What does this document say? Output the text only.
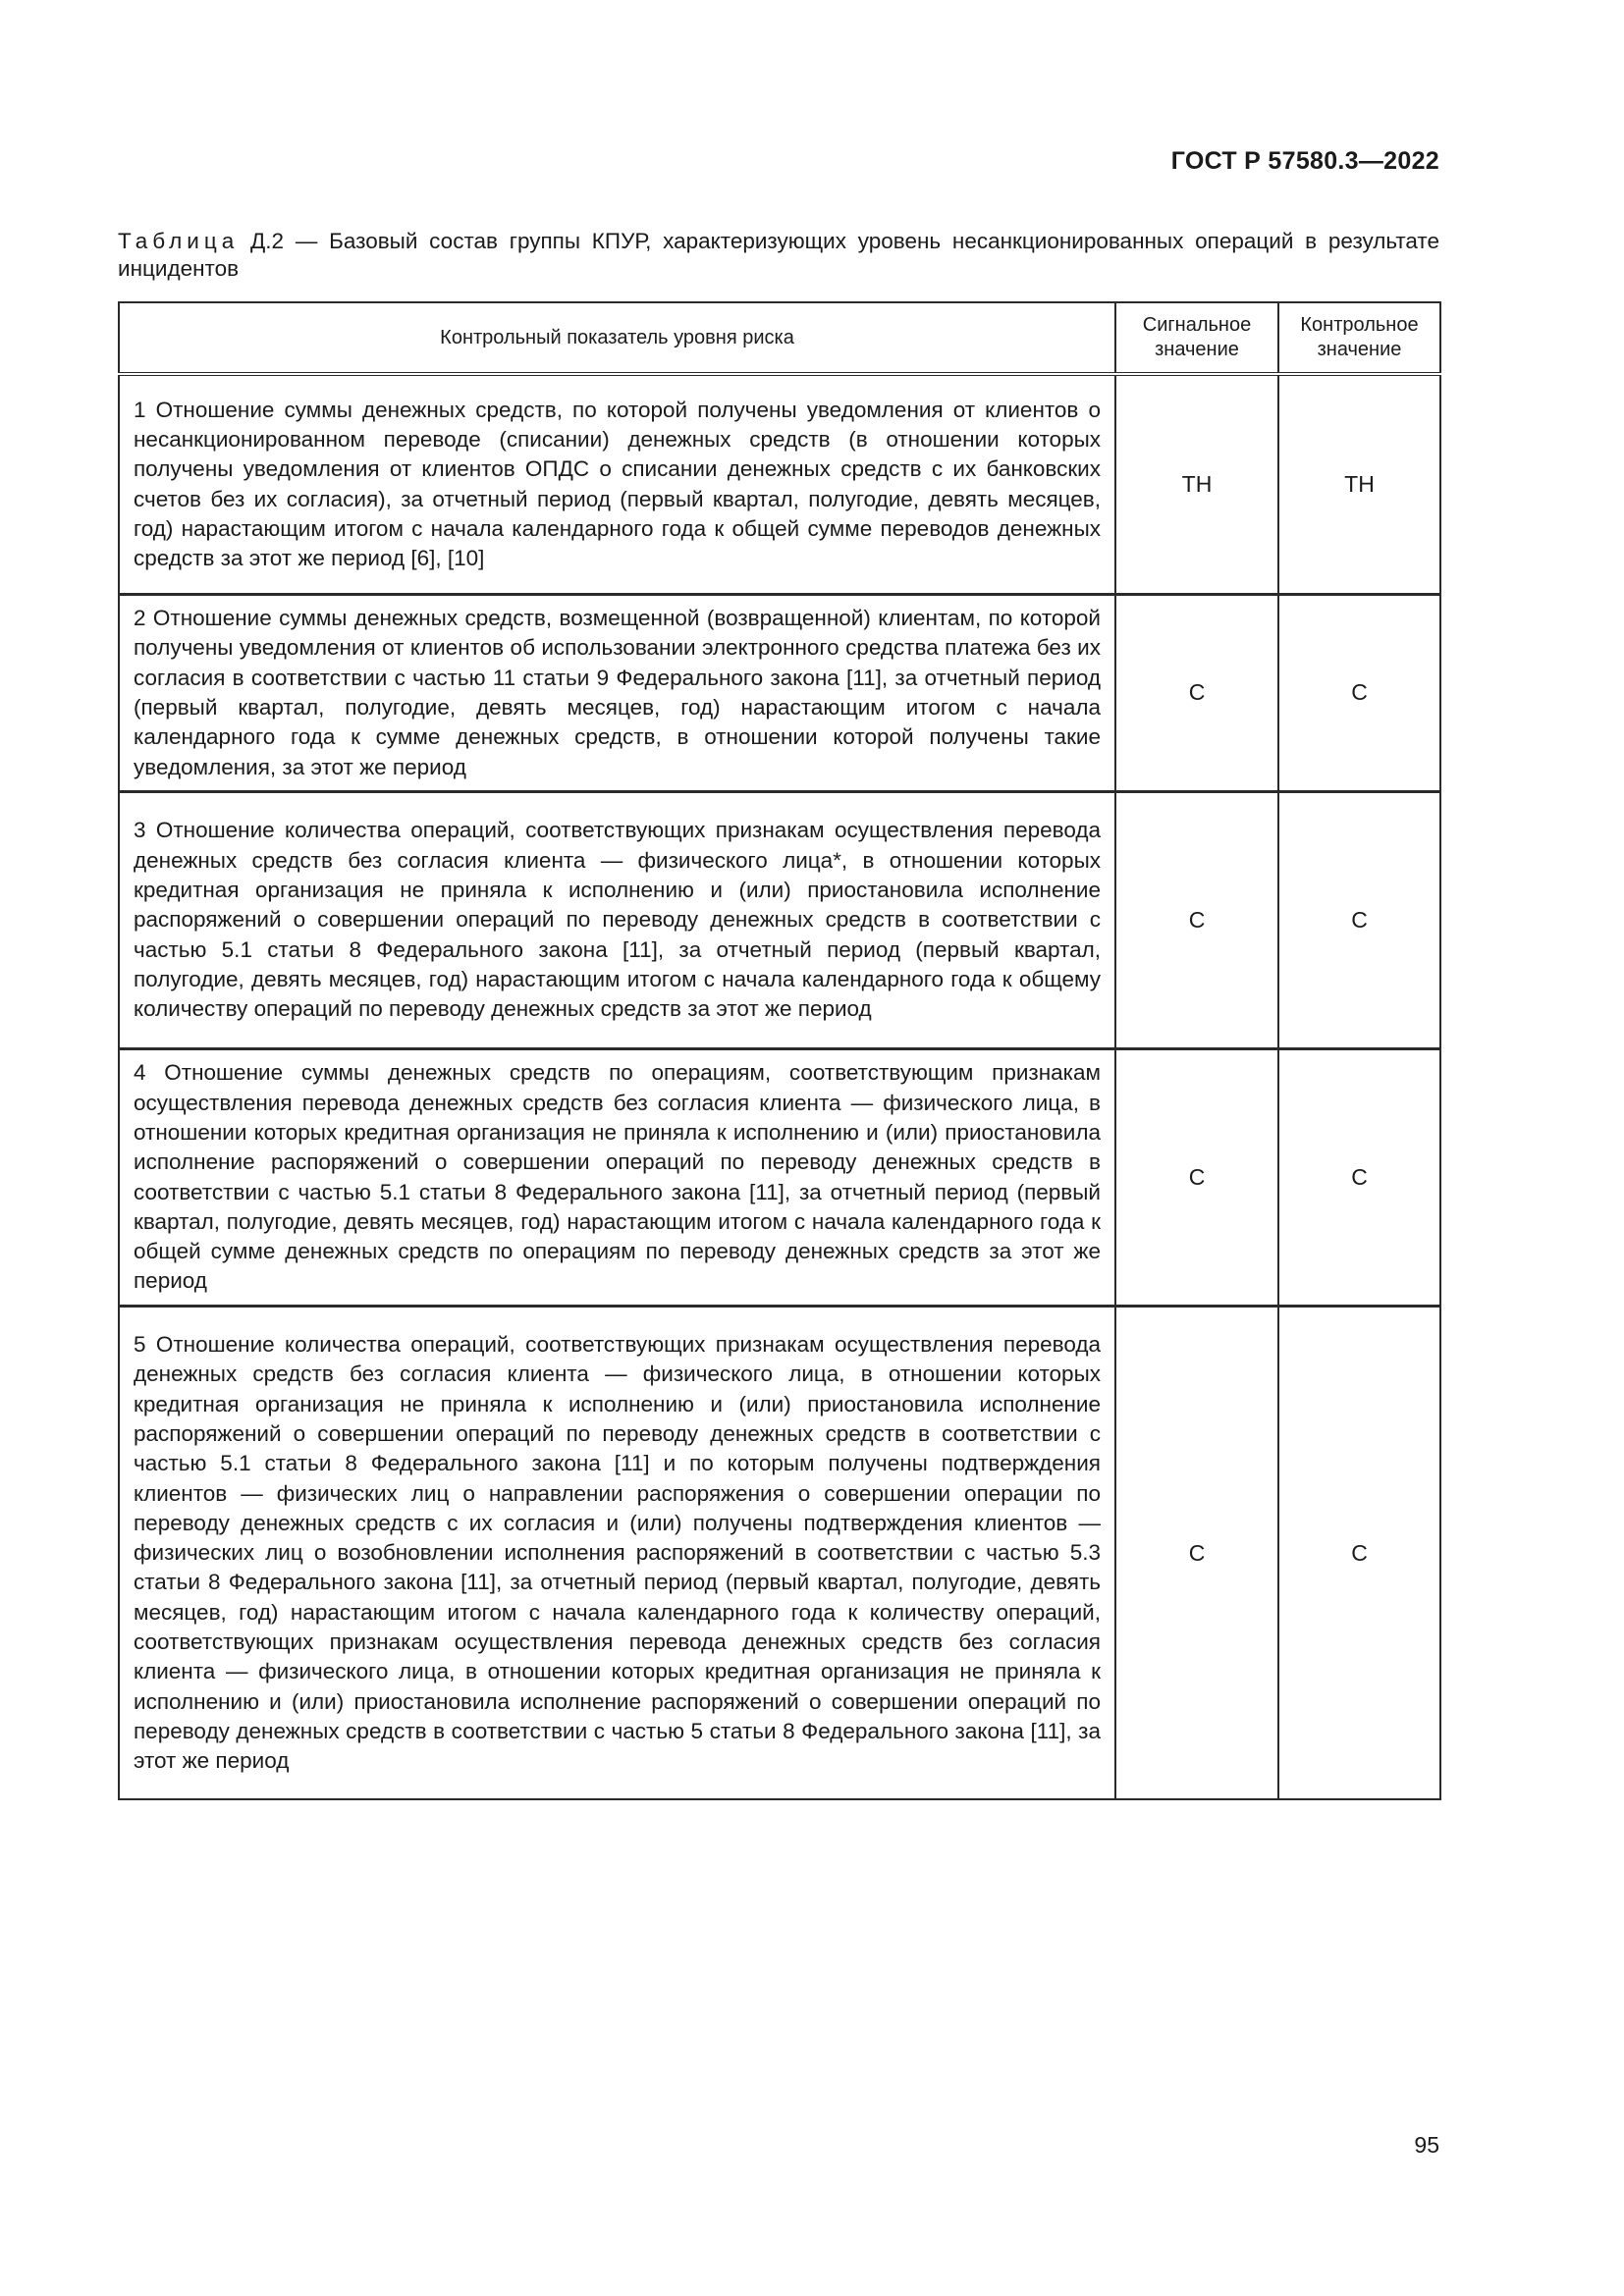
ГОСТ Р 57580.3—2022
Таблица Д.2 — Базовый состав группы КПУР, характеризующих уровень несанкционированных операций в результате инцидентов
Контрольный показатель уровня риска	Сигнальное значение	Контрольное значение
1 Отношение суммы денежных средств, по которой получены уведомления от клиентов о несанкционированном переводе (списании) денежных средств (в отношении которых получены уведомления от клиентов ОПДС о списании денежных средств с их банковских счетов без их согласия), за отчетный период (первый квартал, полугодие, девять месяцев, год) нарастающим итогом с начала календарного года к общей сумме переводов денежных средств за этот же период [6], [10]	ТН	ТН
2 Отношение суммы денежных средств, возмещенной (возвращенной) клиентам, по которой получены уведомления от клиентов об использовании электронного средства платежа без их согласия в соответствии с частью 11 статьи 9 Федерального закона [11], за отчетный период (первый квартал, полугодие, девять месяцев, год) нарастающим итогом с начала календарного года к сумме денежных средств, в отношении которой получены такие уведомления, за этот же период	С	С
3 Отношение количества операций, соответствующих признакам осуществления перевода денежных средств без согласия клиента — физического лица*, в отношении которых кредитная организация не приняла к исполнению и (или) приостановила исполнение распоряжений о совершении операций по переводу денежных средств в соответствии с частью 5.1 статьи 8 Федерального закона [11], за отчетный период (первый квартал, полугодие, девять месяцев, год) нарастающим итогом с начала календарного года к общему количеству операций по переводу денежных средств за этот же период	С	С
4 Отношение суммы денежных средств по операциям, соответствующим признакам осуществления перевода денежных средств без согласия клиента — физического лица, в отношении которых кредитная организация не приняла к исполнению и (или) приостановила исполнение распоряжений о совершении операций по переводу денежных средств в соответствии с частью 5.1 статьи 8 Федерального закона [11], за отчетный период (первый квартал, полугодие, девять месяцев, год) нарастающим итогом с начала календарного года к общей сумме денежных средств по операциям по переводу денежных средств за этот же период	С	С
5 Отношение количества операций, соответствующих признакам осуществления перевода денежных средств без согласия клиента — физического лица, в отношении которых кредитная организация не приняла к исполнению и (или) приостановила исполнение распоряжений о совершении операций по переводу денежных средств в соответствии с частью 5.1 статьи 8 Федерального закона [11] и по которым получены подтверждения клиентов — физических лиц о направлении распоряжения о совершении операции по переводу денежных средств с их согласия и (или) получены подтверждения клиентов — физических лиц о возобновлении исполнения распоряжений в соответствии с частью 5.3 статьи 8 Федерального закона [11], за отчетный период (первый квартал, полугодие, девять месяцев, год) нарастающим итогом с начала календарного года к количеству операций, соответствующих признакам осуществления перевода денежных средств без согласия клиента — физического лица, в отношении которых кредитная организация не приняла к исполнению и (или) приостановила исполнение распоряжений о совершении операций по переводу денежных средств в соответствии с частью 5 статьи 8 Федерального закона [11], за этот же период	С	С
95
